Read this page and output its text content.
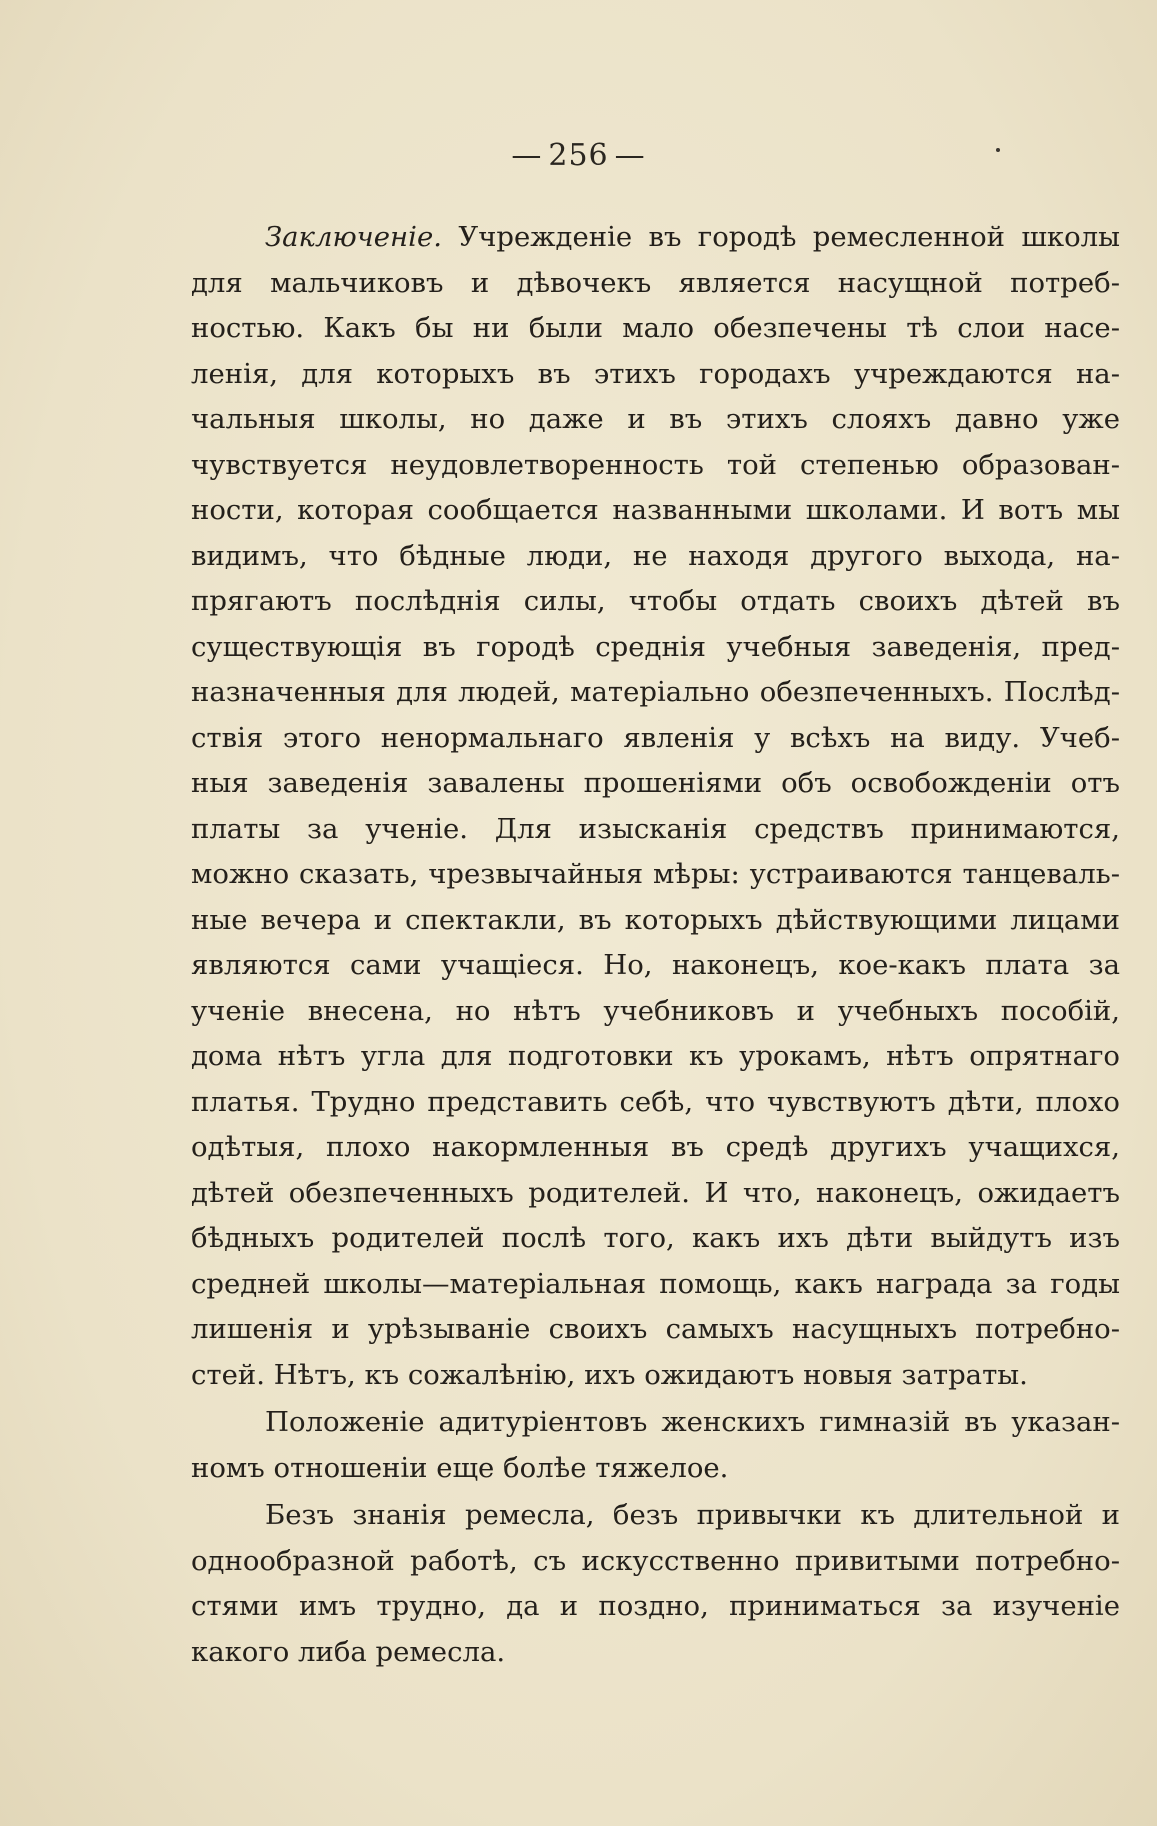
— 256 —
Заключеніе. Учрежденіе въ городѣ ремесленной школы
для мальчиковъ и дѣвочекъ является насущной потреб-
ностью. Какъ бы ни были мало обезпечены тѣ слои насе-
ленія, для которыхъ въ этихъ городахъ учреждаются на-
чальныя школы, но даже и въ этихъ слояхъ давно уже
чувствуется неудовлетворенность той степенью образован-
ности, которая сообщается названными школами. И вотъ мы
видимъ, что бѣдные люди, не находя другого выхода, на-
прягаютъ послѣднія силы, чтобы отдать своихъ дѣтей въ
существующія въ городѣ среднія учебныя заведенія, пред-
назначенныя для людей, матеріально обезпеченныхъ. Послѣд-
ствія этого ненормальнаго явленія у всѣхъ на виду. Учеб-
ныя заведенія завалены прошеніями объ освобожденіи отъ
платы за ученіе. Для изысканія средствъ принимаются,
можно сказать, чрезвычайныя мѣры: устраиваются танцеваль-
ные вечера и спектакли, въ которыхъ дѣйствующими лицами
являются сами учащіеся. Но, наконецъ, кое-какъ плата за
ученіе внесена, но нѣтъ учебниковъ и учебныхъ пособій,
дома нѣтъ угла для подготовки къ урокамъ, нѣтъ опрятнаго
платья. Трудно представить себѣ, что чувствуютъ дѣти, плохо
одѣтыя, плохо накормленныя въ средѣ другихъ учащихся,
дѣтей обезпеченныхъ родителей. И что, наконецъ, ожидаетъ
бѣдныхъ родителей послѣ того, какъ ихъ дѣти выйдутъ изъ
средней школы—матеріальная помощь, какъ награда за годы
лишенія и урѣзываніе своихъ самыхъ насущныхъ потребно-
стей. Нѣтъ, къ сожалѣнію, ихъ ожидаютъ новыя затраты.
Положеніе адитуріентовъ женскихъ гимназій въ указан-
номъ отношеніи еще болѣе тяжелое.
Безъ знанія ремесла, безъ привычки къ длительной и
однообразной работѣ, съ искусственно привитыми потребно-
стями имъ трудно, да и поздно, приниматься за изученіе
какого либа ремесла.
